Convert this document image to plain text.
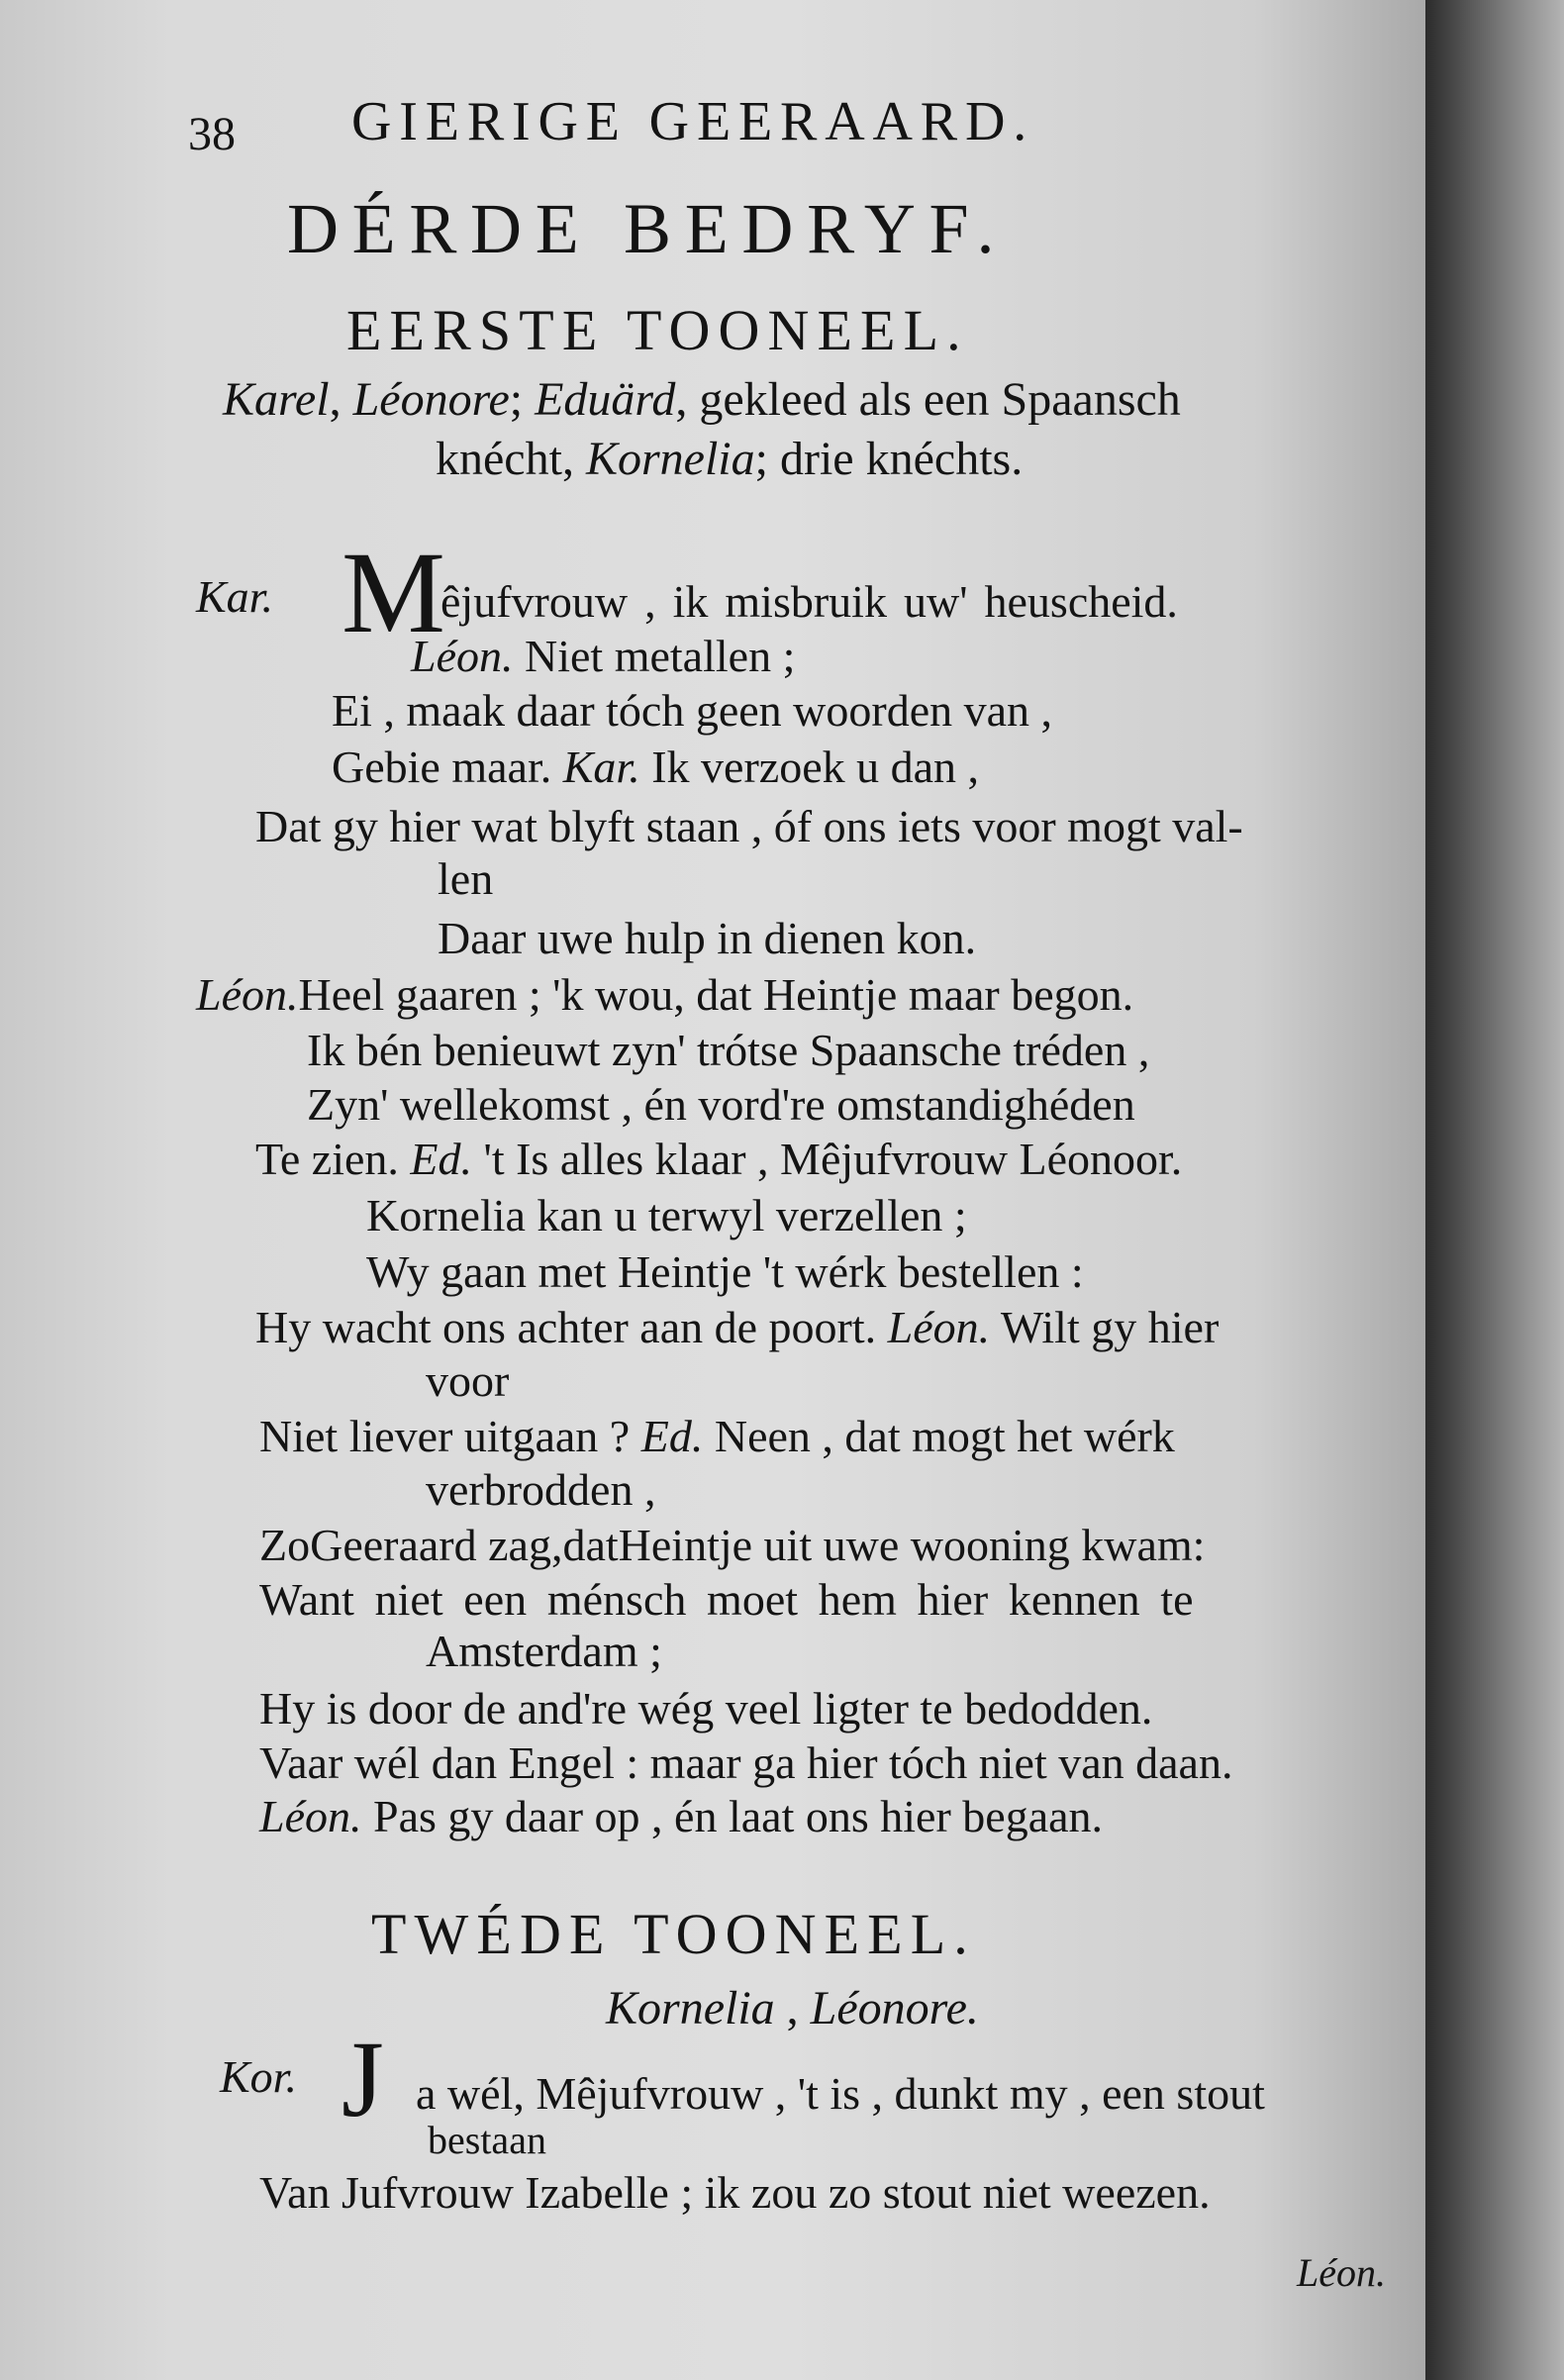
38 GIERIGE GEERAARD.
DÉRDE BEDRYF.
EERSTE TOONEEL.
Karel, Léonore; Eduärd, gekleed als een Spaansch
knécht, Kornelia; drie knéchts.
Kar. M
êjufvrouw , ik misbruik uw' heuscheid.
Léon. Niet metallen ;
Ei , maak daar tóch geen woorden van ,
Gebie maar. Kar. Ik verzoek u dan ,
Dat gy hier wat blyft staan , óf ons iets voor mogt val-
len
Daar uwe hulp in dienen kon.
Léon.Heel gaaren ; 'k wou, dat Heintje maar begon.
Ik bén benieuwt zyn' trótse Spaansche tréden ,
Zyn' wellekomst , én vord're omstandighéden
Te zien. Ed. 't Is alles klaar , Mêjufvrouw Léonoor.
Kornelia kan u terwyl verzellen ;
Wy gaan met Heintje 't wérk bestellen :
Hy wacht ons achter aan de poort. Léon. Wilt gy hier
voor
Niet liever uitgaan ? Ed. Neen , dat mogt het wérk
verbrodden ,
ZoGeeraard zag,datHeintje uit uwe wooning kwam:
Want niet een ménsch moet hem hier kennen te
Amsterdam ;
Hy is door de and're wég veel ligter te bedodden.
Vaar wél dan Engel : maar ga hier tóch niet van daan.
Léon. Pas gy daar op , én laat ons hier begaan.
TWÉDE TOONEEL.
Kornelia , Léonore.
Kor. J a wél, Mêjufvrouw , 't is , dunkt my , een stout
bestaan
Van Jufvrouw Izabelle ; ik zou zo stout niet weezen.
Léon.
